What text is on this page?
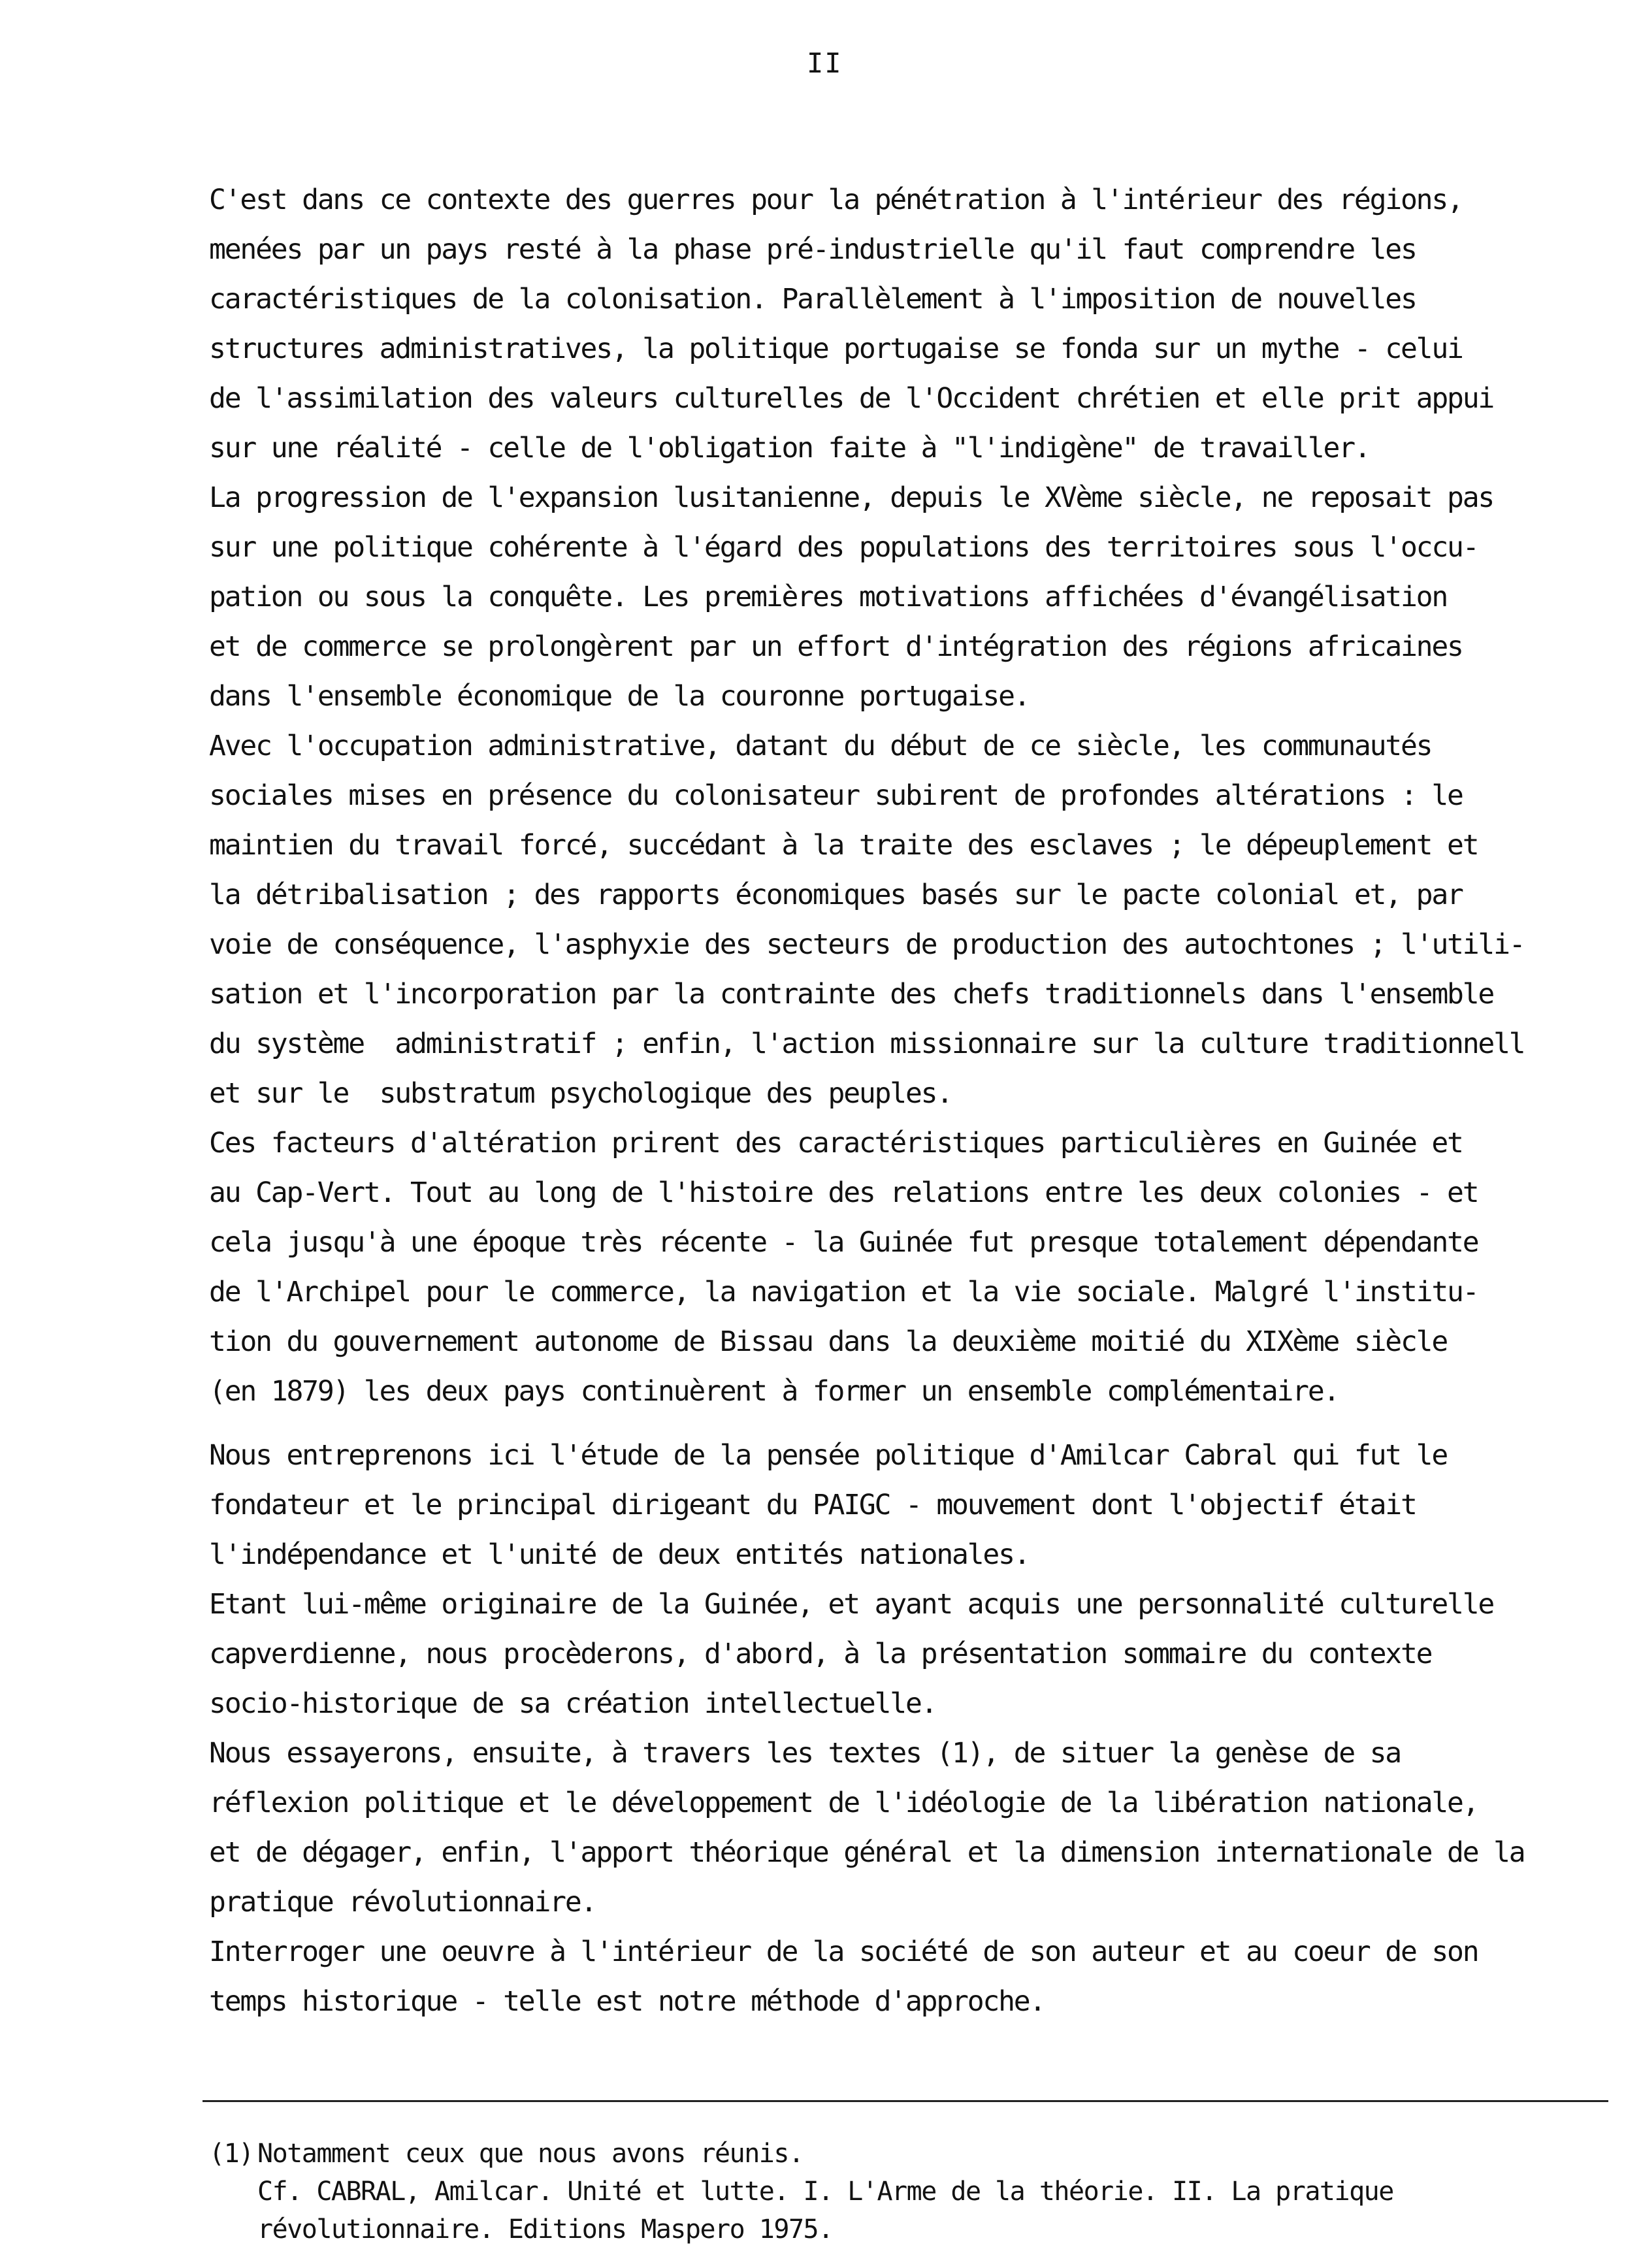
II
C'est dans ce contexte des guerres pour la pénétration à l'intérieur des régions,
menées par un pays resté à la phase pré-industrielle qu'il faut comprendre les
caractéristiques de la colonisation. Parallèlement à l'imposition de nouvelles
structures administratives, la politique portugaise se fonda sur un mythe - celui
de l'assimilation des valeurs culturelles de l'Occident chrétien et elle prit appui
sur une réalité - celle de l'obligation faite à "l'indigène" de travailler.
La progression de l'expansion lusitanienne, depuis le XVème siècle, ne reposait pas
sur une politique cohérente à l'égard des populations des territoires sous l'occu-
pation ou sous la conquête. Les premières motivations affichées d'évangélisation
et de commerce se prolongèrent par un effort d'intégration des régions africaines
dans l'ensemble économique de la couronne portugaise.
Avec l'occupation administrative, datant du début de ce siècle, les communautés
sociales mises en présence du colonisateur subirent de profondes altérations : le
maintien du travail forcé, succédant à la traite des esclaves ; le dépeuplement et
la détribalisation ; des rapports économiques basés sur le pacte colonial et, par
voie de conséquence, l'asphyxie des secteurs de production des autochtones ; l'utili-
sation et l'incorporation par la contrainte des chefs traditionnels dans l'ensemble
du système  administratif ; enfin, l'action missionnaire sur la culture traditionnell
et sur le  substratum psychologique des peuples.
Ces facteurs d'altération prirent des caractéristiques particulières en Guinée et
au Cap-Vert. Tout au long de l'histoire des relations entre les deux colonies - et
cela jusqu'à une époque très récente - la Guinée fut presque totalement dépendante
de l'Archipel pour le commerce, la navigation et la vie sociale. Malgré l'institu-
tion du gouvernement autonome de Bissau dans la deuxième moitié du XIXème siècle
(en 1879) les deux pays continuèrent à former un ensemble complémentaire.
Nous entreprenons ici l'étude de la pensée politique d'Amilcar Cabral qui fut le
fondateur et le principal dirigeant du PAIGC - mouvement dont l'objectif était
l'indépendance et l'unité de deux entités nationales.
Etant lui-même originaire de la Guinée, et ayant acquis une personnalité culturelle
capverdienne, nous procèderons, d'abord, à la présentation sommaire du contexte
socio-historique de sa création intellectuelle.
Nous essayerons, ensuite, à travers les textes (1), de situer la genèse de sa
réflexion politique et le développement de l'idéologie de la libération nationale,
et de dégager, enfin, l'apport théorique général et la dimension internationale de la
pratique révolutionnaire.
Interroger une oeuvre à l'intérieur de la société de son auteur et au coeur de son
temps historique - telle est notre méthode d'approche.
(1) Notamment ceux que nous avons réunis.
Cf. CABRAL, Amilcar. Unité et lutte. I. L'Arme de la théorie. II. La pratique
révolutionnaire. Editions Maspero 1975.
